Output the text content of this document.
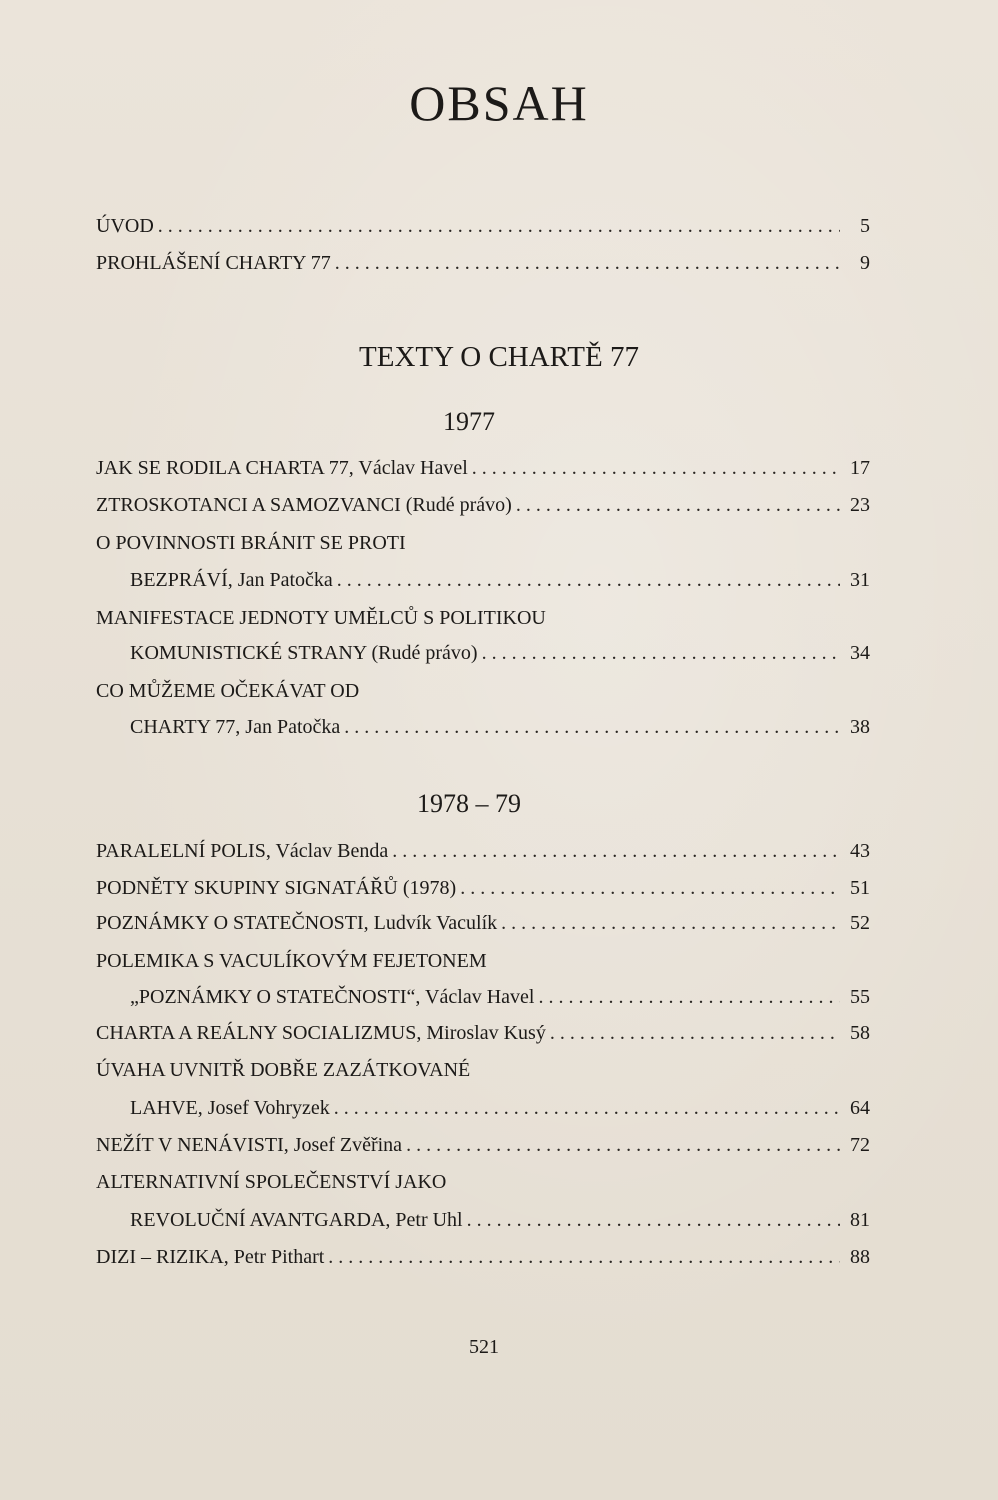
OBSAH
ÚVOD . . .	5
PROHLÁŠENÍ CHARTY 77 . . .	9
TEXTY O CHARTĚ 77
1977
JAK SE RODILA CHARTA 77, Václav Havel . . .	17
ZTROSKOTANCI A SAMOZVANCI (Rudé právo) . . .	23
O POVINNOSTI BRÁNIT SE PROTI
BEZPRÁVÍ, Jan Patočka . . .	31
MANIFESTACE JEDNOTY UMĚLCŮ S POLITIKOU
KOMUNISTICKÉ STRANY (Rudé právo) . . .	34
CO MŮŽEME OČEKÁVAT OD
CHARTY 77, Jan Patočka . . .	38
1978 – 79
PARALELNÍ POLIS, Václav Benda . . .	43
PODNĚTY SKUPINY SIGNATÁŘŮ (1978) . . .	51
POZNÁMKY O STATEČNOSTI, Ludvík Vaculík . . .	52
POLEMIKA S VACULÍKOVÝM FEJETONEM
„POZNÁMKY O STATEČNOSTI“, Václav Havel . . .	55
CHARTA A REÁLNY SOCIALIZMUS, Miroslav Kusý . . .	58
ÚVAHA UVNITŘ DOBŘE ZAZÁTKOVANÉ
LAHVE, Josef Vohryzek . . .	64
NEŽÍT V NENÁVISTI, Josef Zvěřina . . .	72
ALTERNATIVNÍ SPOLEČENSTVÍ JAKO
REVOLUČNÍ AVANTGARDA, Petr Uhl . . .	81
DIZI – RIZIKA, Petr Pithart . . .	88
521
